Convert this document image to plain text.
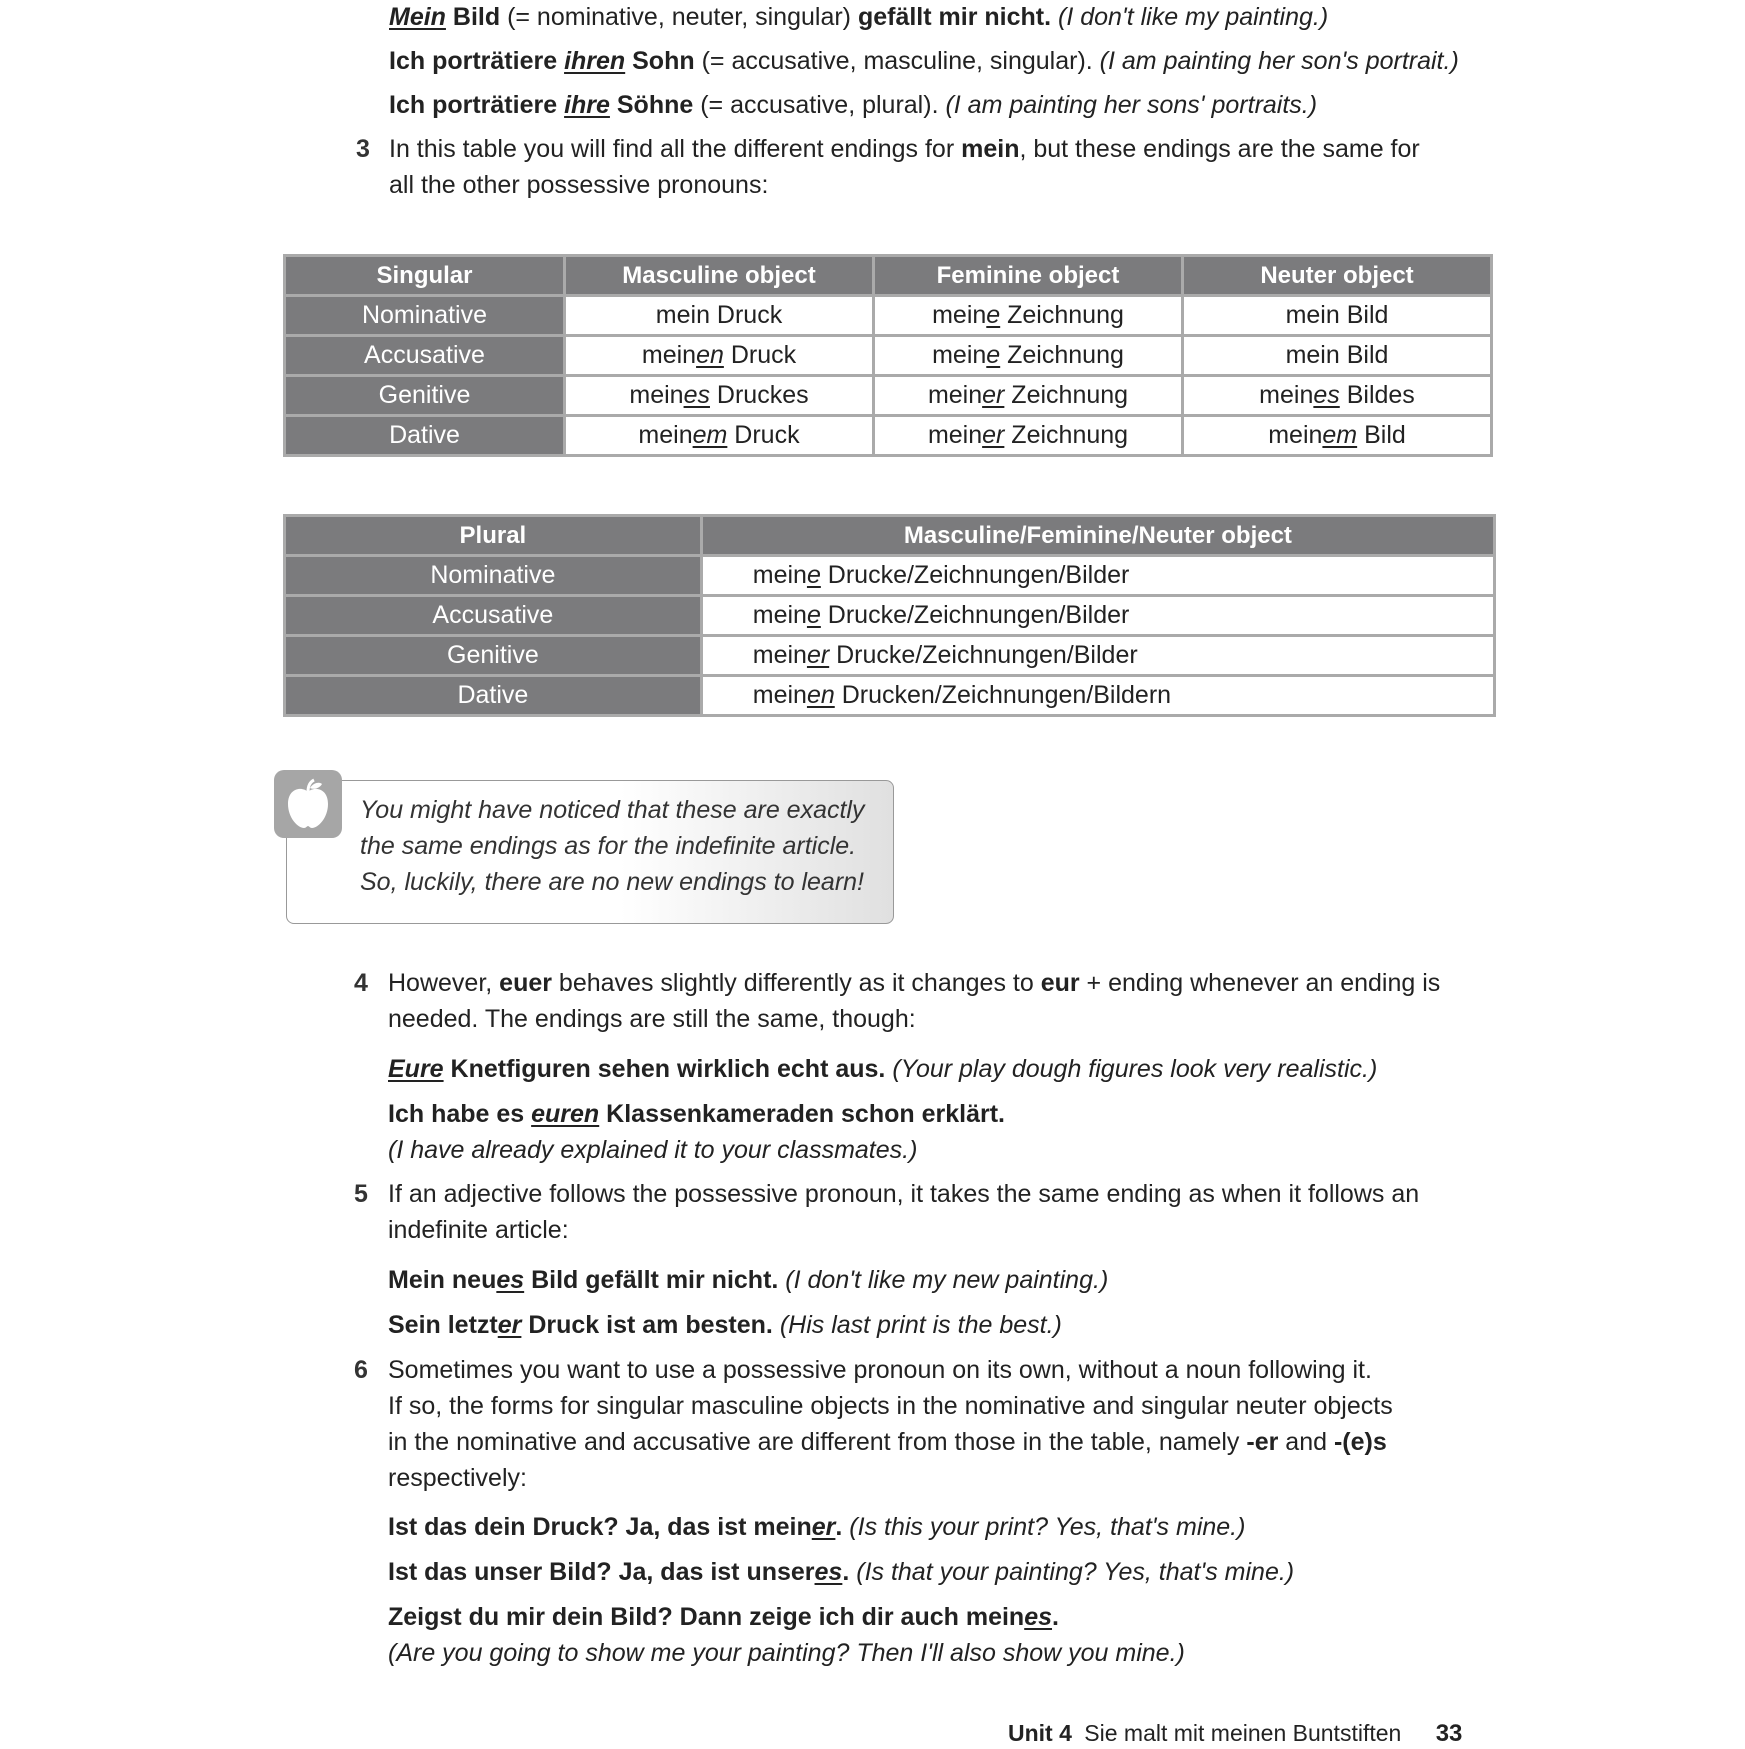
Mein Bild (= nominative, neuter, singular) gefällt mir nicht. (I don't like my painting.)
Ich porträtiere ihren Sohn (= accusative, masculine, singular). (I am painting her son's portrait.)
Ich porträtiere ihre Söhne (= accusative, plural). (I am painting her sons' portraits.)
3 In this table you will find all the different endings for mein, but these endings are the same for
all the other possessive pronouns:
Singular	Masculine object	Feminine object	Neuter object
Nominative	mein Druck	meine Zeichnung	mein Bild
Accusative	meinen Druck	meine Zeichnung	mein Bild
Genitive	meines Druckes	meiner Zeichnung	meines Bildes
Dative	meinem Druck	meiner Zeichnung	meinem Bild
Plural	Masculine/Feminine/Neuter object
Nominative	meine Drucke/Zeichnungen/Bilder
Accusative	meine Drucke/Zeichnungen/Bilder
Genitive	meiner Drucke/Zeichnungen/Bilder
Dative	meinen Drucken/Zeichnungen/Bildern
You might have noticed that these are exactly
the same endings as for the indefinite article.
So, luckily, there are no new endings to learn!
4 However, euer behaves slightly differently as it changes to eur + ending whenever an ending is
needed. The endings are still the same, though:
Eure Knetfiguren sehen wirklich echt aus. (Your play dough figures look very realistic.)
Ich habe es euren Klassenkameraden schon erklärt.
(I have already explained it to your classmates.)
5 If an adjective follows the possessive pronoun, it takes the same ending as when it follows an
indefinite article:
Mein neues Bild gefällt mir nicht. (I don't like my new painting.)
Sein letzter Druck ist am besten. (His last print is the best.)
6 Sometimes you want to use a possessive pronoun on its own, without a noun following it.
If so, the forms for singular masculine objects in the nominative and singular neuter objects
in the nominative and accusative are different from those in the table, namely -er and -(e)s
respectively:
Ist das dein Druck? Ja, das ist meiner. (Is this your print? Yes, that's mine.)
Ist das unser Bild? Ja, das ist unseres. (Is that your painting? Yes, that's mine.)
Zeigst du mir dein Bild? Dann zeige ich dir auch meines.
(Are you going to show me your painting? Then I'll also show you mine.)
Unit 4 Sie malt mit meinen Buntstiften 33
